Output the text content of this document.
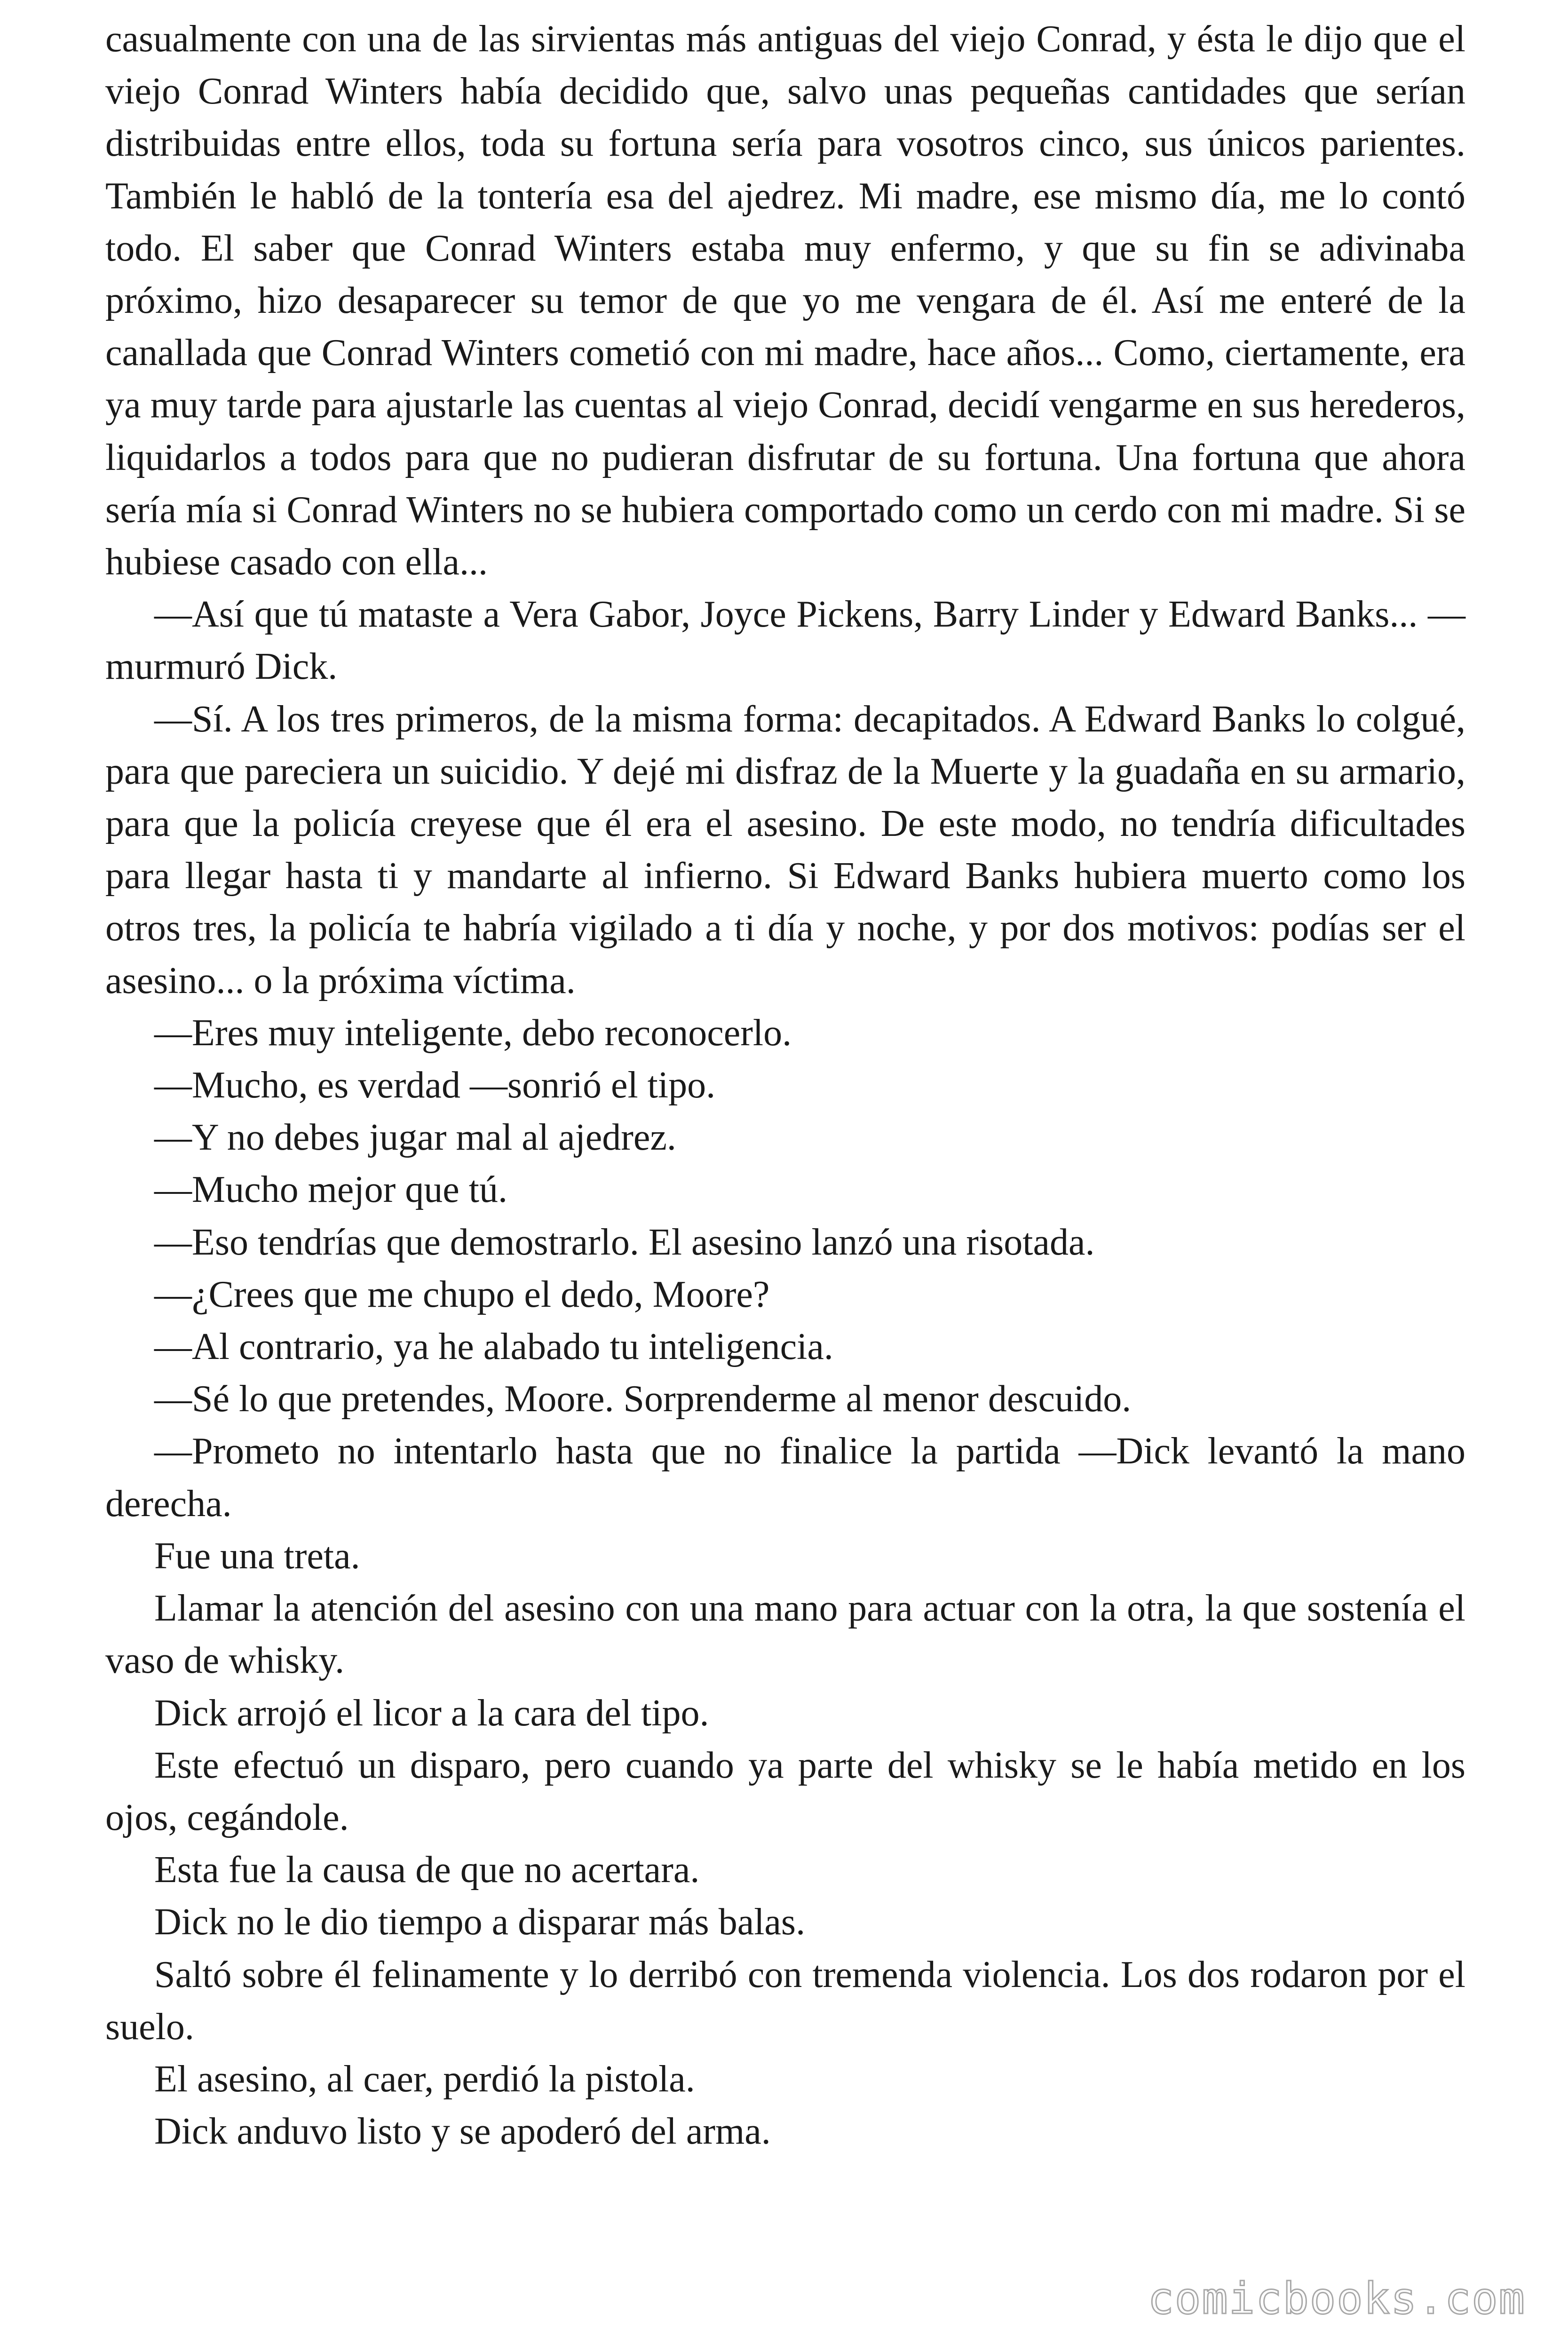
casualmente con una de las sirvientas más antiguas del viejo Conrad, y ésta le dijo que el viejo Conrad Winters había decidido que, salvo unas pequeñas cantidades que serían distribuidas entre ellos, toda su fortuna sería para vosotros cinco, sus únicos parientes. También le habló de la tontería esa del ajedrez. Mi madre, ese mismo día, me lo contó todo. El saber que Conrad Winters estaba muy enfermo, y que su fin se adivinaba próximo, hizo desaparecer su temor de que yo me vengara de él. Así me enteré de la canallada que Conrad Winters cometió con mi madre, hace años... Como, ciertamente, era ya muy tarde para ajustarle las cuentas al viejo Conrad, decidí vengarme en sus herederos, liquidarlos a todos para que no pudieran disfrutar de su fortuna. Una fortuna que ahora sería mía si Conrad Winters no se hubiera comportado como un cerdo con mi madre. Si se hubiese casado con ella...

—Así que tú mataste a Vera Gabor, Joyce Pickens, Barry Linder y Edward Banks... — murmuró Dick.

—Sí. A los tres primeros, de la misma forma: decapitados. A Edward Banks lo colgué, para que pareciera un suicidio. Y dejé mi disfraz de la Muerte y la guadaña en su armario, para que la policía creyese que él era el asesino. De este modo, no tendría dificultades para llegar hasta ti y mandarte al infierno. Si Edward Banks hubiera muerto como los otros tres, la policía te habría vigilado a ti día y noche, y por dos motivos: podías ser el asesino... o la próxima víctima.

—Eres muy inteligente, debo reconocerlo.

—Mucho, es verdad —sonrió el tipo.

—Y no debes jugar mal al ajedrez.

—Mucho mejor que tú.

—Eso tendrías que demostrarlo. El asesino lanzó una risotada.

—¿Crees que me chupo el dedo, Moore?

—Al contrario, ya he alabado tu inteligencia.

—Sé lo que pretendes, Moore. Sorprenderme al menor descuido.

—Prometo no intentarlo hasta que no finalice la partida —Dick levantó la mano derecha.

Fue una treta.

Llamar la atención del asesino con una mano para actuar con la otra, la que sostenía el vaso de whisky.

Dick arrojó el licor a la cara del tipo.

Este efectuó un disparo, pero cuando ya parte del whisky se le había metido en los ojos, cegándole.

Esta fue la causa de que no acertara.

Dick no le dio tiempo a disparar más balas.

Saltó sobre él felinamente y lo derribó con tremenda violencia. Los dos rodaron por el suelo.

El asesino, al caer, perdió la pistola.

Dick anduvo listo y se apoderó del arma.

comicbooks.com
